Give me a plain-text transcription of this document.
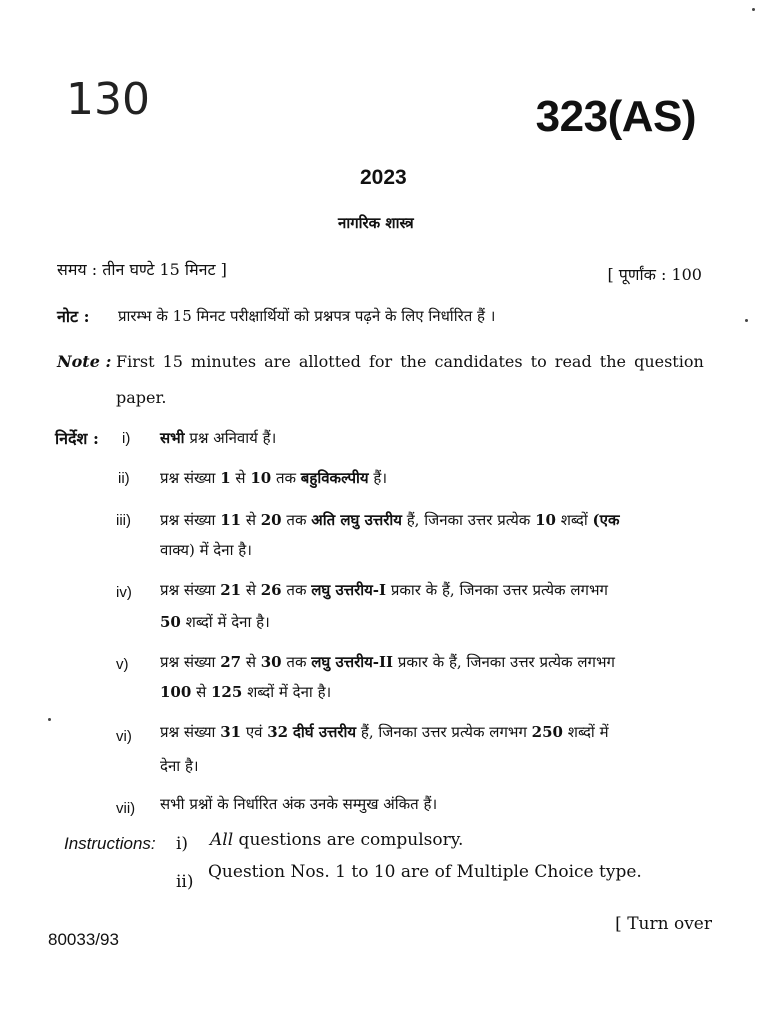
130	323(AS)
2023
नागरिक शास्त्र
समय : तीन घण्टे 15 मिनट ]	[ पूर्णांक : 100
नोट : प्रारम्भ के 15 मिनट परीक्षार्थियों को प्रश्नपत्र पढ़ने के लिए निर्धारित हैं ।
Note : First 15 minutes are allotted for the candidates to read the question
paper.
निर्देश : i) सभी प्रश्न अनिवार्य हैं।
ii) प्रश्न संख्या 1 से 10 तक बहुविकल्पीय हैं।
iii) प्रश्न संख्या 11 से 20 तक अति लघु उत्तरीय हैं, जिनका उत्तर प्रत्येक 10 शब्दों (एक
वाक्य) में देना है।
iv) प्रश्न संख्या 21 से 26 तक लघु उत्तरीय-I प्रकार के हैं, जिनका उत्तर प्रत्येक लगभग
50 शब्दों में देना है।
v) प्रश्न संख्या 27 से 30 तक लघु उत्तरीय-II प्रकार के हैं, जिनका उत्तर प्रत्येक लगभग
100 से 125 शब्दों में देना है।
vi) प्रश्न संख्या 31 एवं 32 दीर्घ उत्तरीय हैं, जिनका उत्तर प्रत्येक लगभग 250 शब्दों में
देना है।
vii) सभी प्रश्नों के निर्धारित अंक उनके सम्मुख अंकित हैं।
Instructions: i) All questions are compulsory.
ii) Question Nos. 1 to 10 are of Multiple Choice type.
[ Turn over
80033/93
